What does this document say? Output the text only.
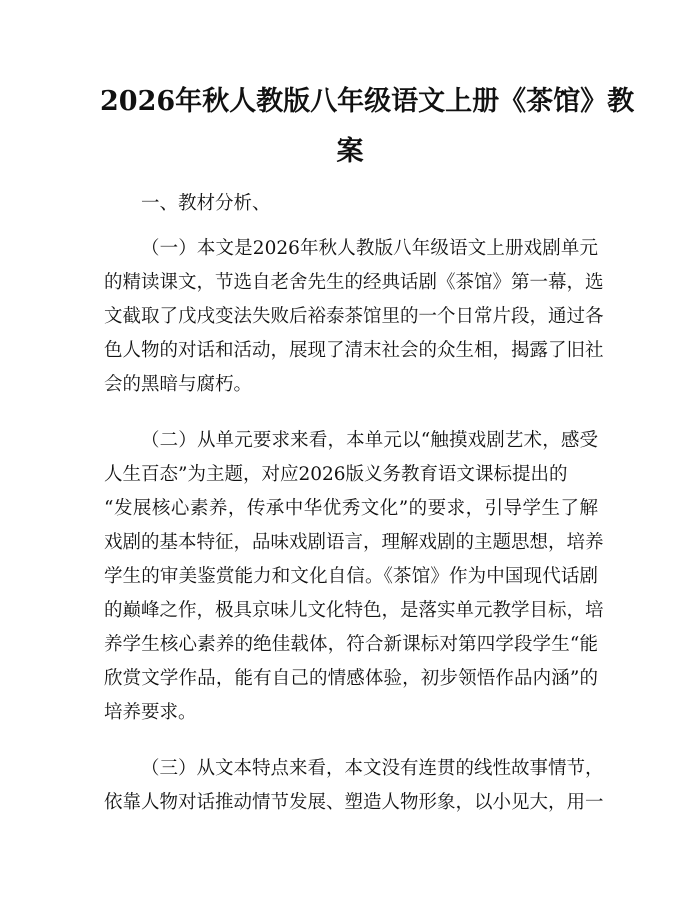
2026年秋人教版八年级语文上册《茶馆》教
案
一、教材分析、
（一）本文是2026年秋人教版八年级语文上册戏剧单元
的精读课文，节选自老舍先生的经典话剧《茶馆》第一幕，选
文截取了戊戌变法失败后裕泰茶馆里的一个日常片段，通过各
色人物的对话和活动，展现了清末社会的众生相，揭露了旧社
会的黑暗与腐朽。
（二）从单元要求来看，本单元以“触摸戏剧艺术，感受
人生百态”为主题，对应2026版义务教育语文课标提出的
“发展核心素养，传承中华优秀文化”的要求，引导学生了解
戏剧的基本特征，品味戏剧语言，理解戏剧的主题思想，培养
学生的审美鉴赏能力和文化自信。《茶馆》作为中国现代话剧
的巅峰之作，极具京味儿文化特色，是落实单元教学目标，培
养学生核心素养的绝佳载体，符合新课标对第四学段学生“能
欣赏文学作品，能有自己的情感体验，初步领悟作品内涵”的
培养要求。
（三）从文本特点来看，本文没有连贯的线性故事情节，
依靠人物对话推动情节发展、塑造人物形象，以小见大，用一
